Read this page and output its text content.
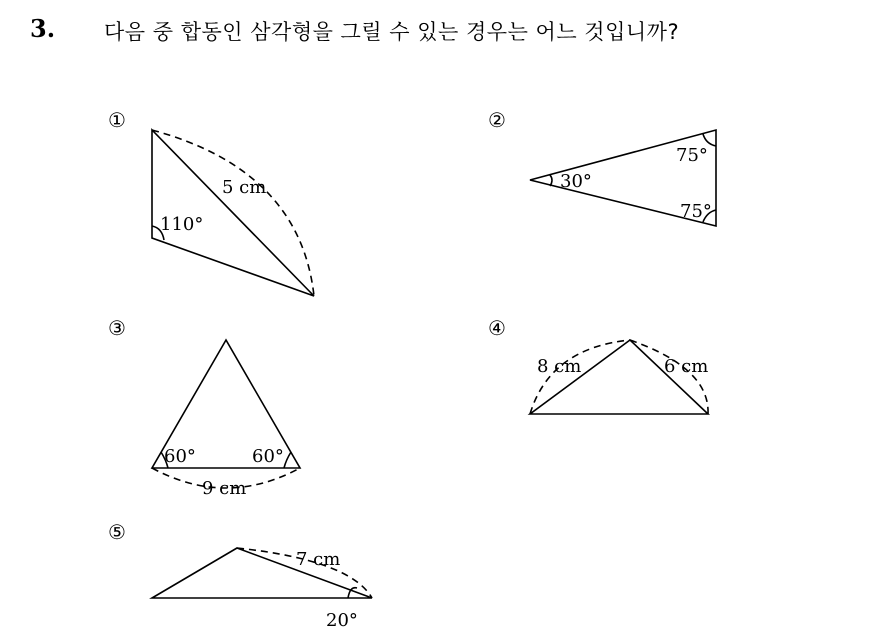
3. 다음 중 합동인 삼각형을 그릴 수 있는 경우는 어느 것입니까?
①	②
③	④
⑤
5 cm
110°
30°
75°
75°
60°	60°
9 cm
8 cm	6 cm
7 cm
20°
